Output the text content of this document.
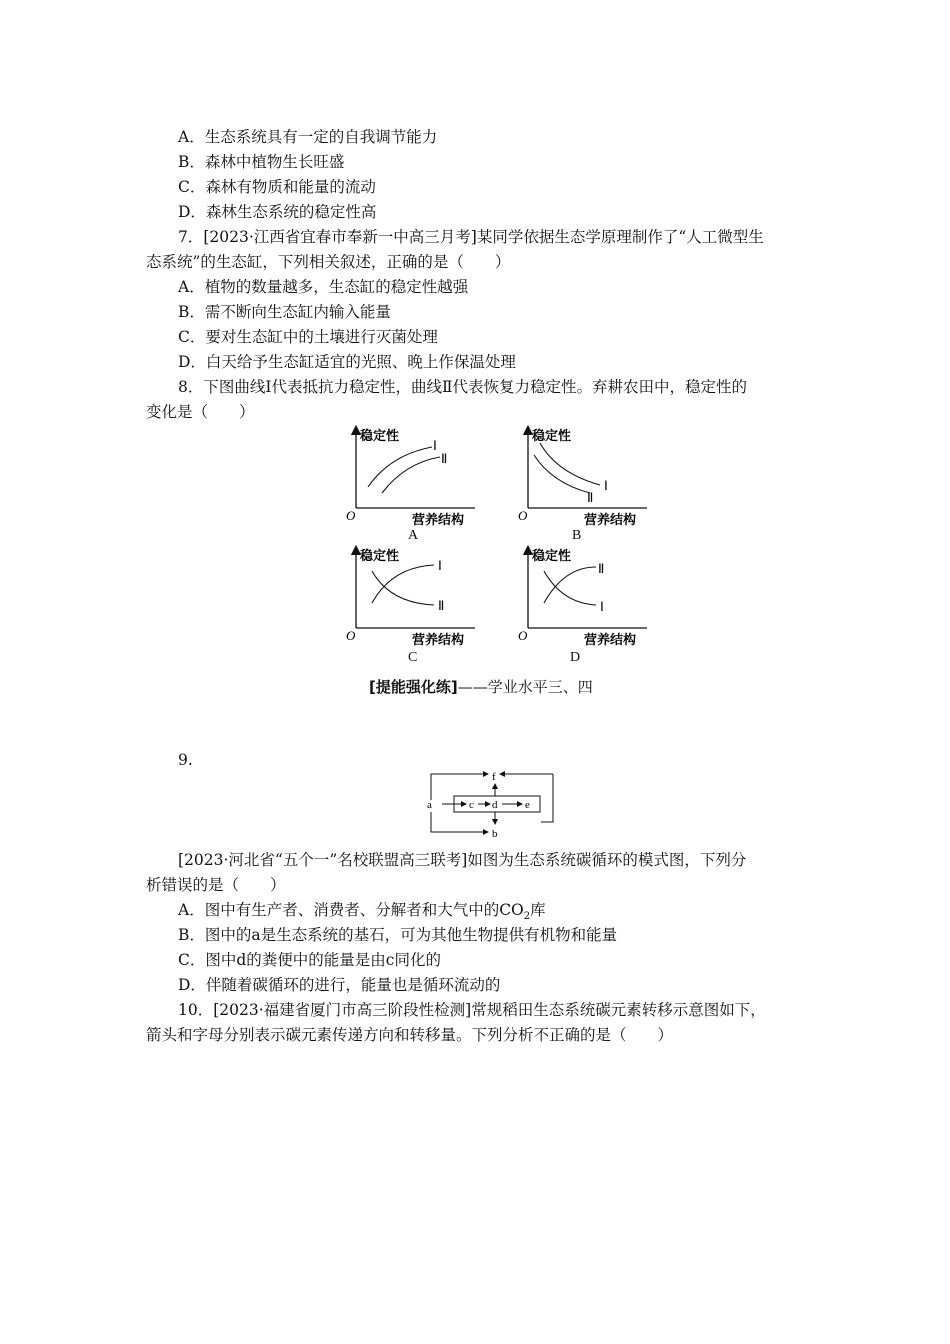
A．生态系统具有一定的自我调节能力
B．森林中植物生长旺盛
C．森林有物质和能量的流动
D．森林生态系统的稳定性高
7．[2023·江西省宜春市奉新一中高三月考]某同学依据生态学原理制作了“人工微型生
态系统”的生态缸，下列相关叙述，正确的是（　　）
A．植物的数量越多，生态缸的稳定性越强
B．需不断向生态缸内输入能量
C．要对生态缸中的土壤进行灭菌处理
D．白天给予生态缸适宜的光照、晚上作保温处理
8．下图曲线Ⅰ代表抵抗力稳定性，曲线Ⅱ代表恢复力稳定性。弃耕农田中，稳定性的
变化是（　　）
稳定性
营养结构
O
Ⅰ
Ⅱ
A
稳定性
营养结构
O
Ⅰ
Ⅱ
B
稳定性
营养结构
O
Ⅰ
Ⅱ
C
稳定性
营养结构
O
Ⅱ
Ⅰ
D
[提能强化练]——学业水平三、四
9.
a	c d	e
f
b
[2023·河北省“五个一”名校联盟高三联考]如图为生态系统碳循环的模式图，下列分
析错误的是（　　）
A．图中有生产者、消费者、分解者和大气中的$CO_2$库
B．图中的a是生态系统的基石，可为其他生物提供有机物和能量
C．图中d的粪便中的能量是由c同化的
D．伴随着碳循环的进行，能量也是循环流动的
10．[2023·福建省厦门市高三阶段性检测]常规稻田生态系统碳元素转移示意图如下，
箭头和字母分别表示碳元素传递方向和转移量。下列分析不正确的是（　　）
